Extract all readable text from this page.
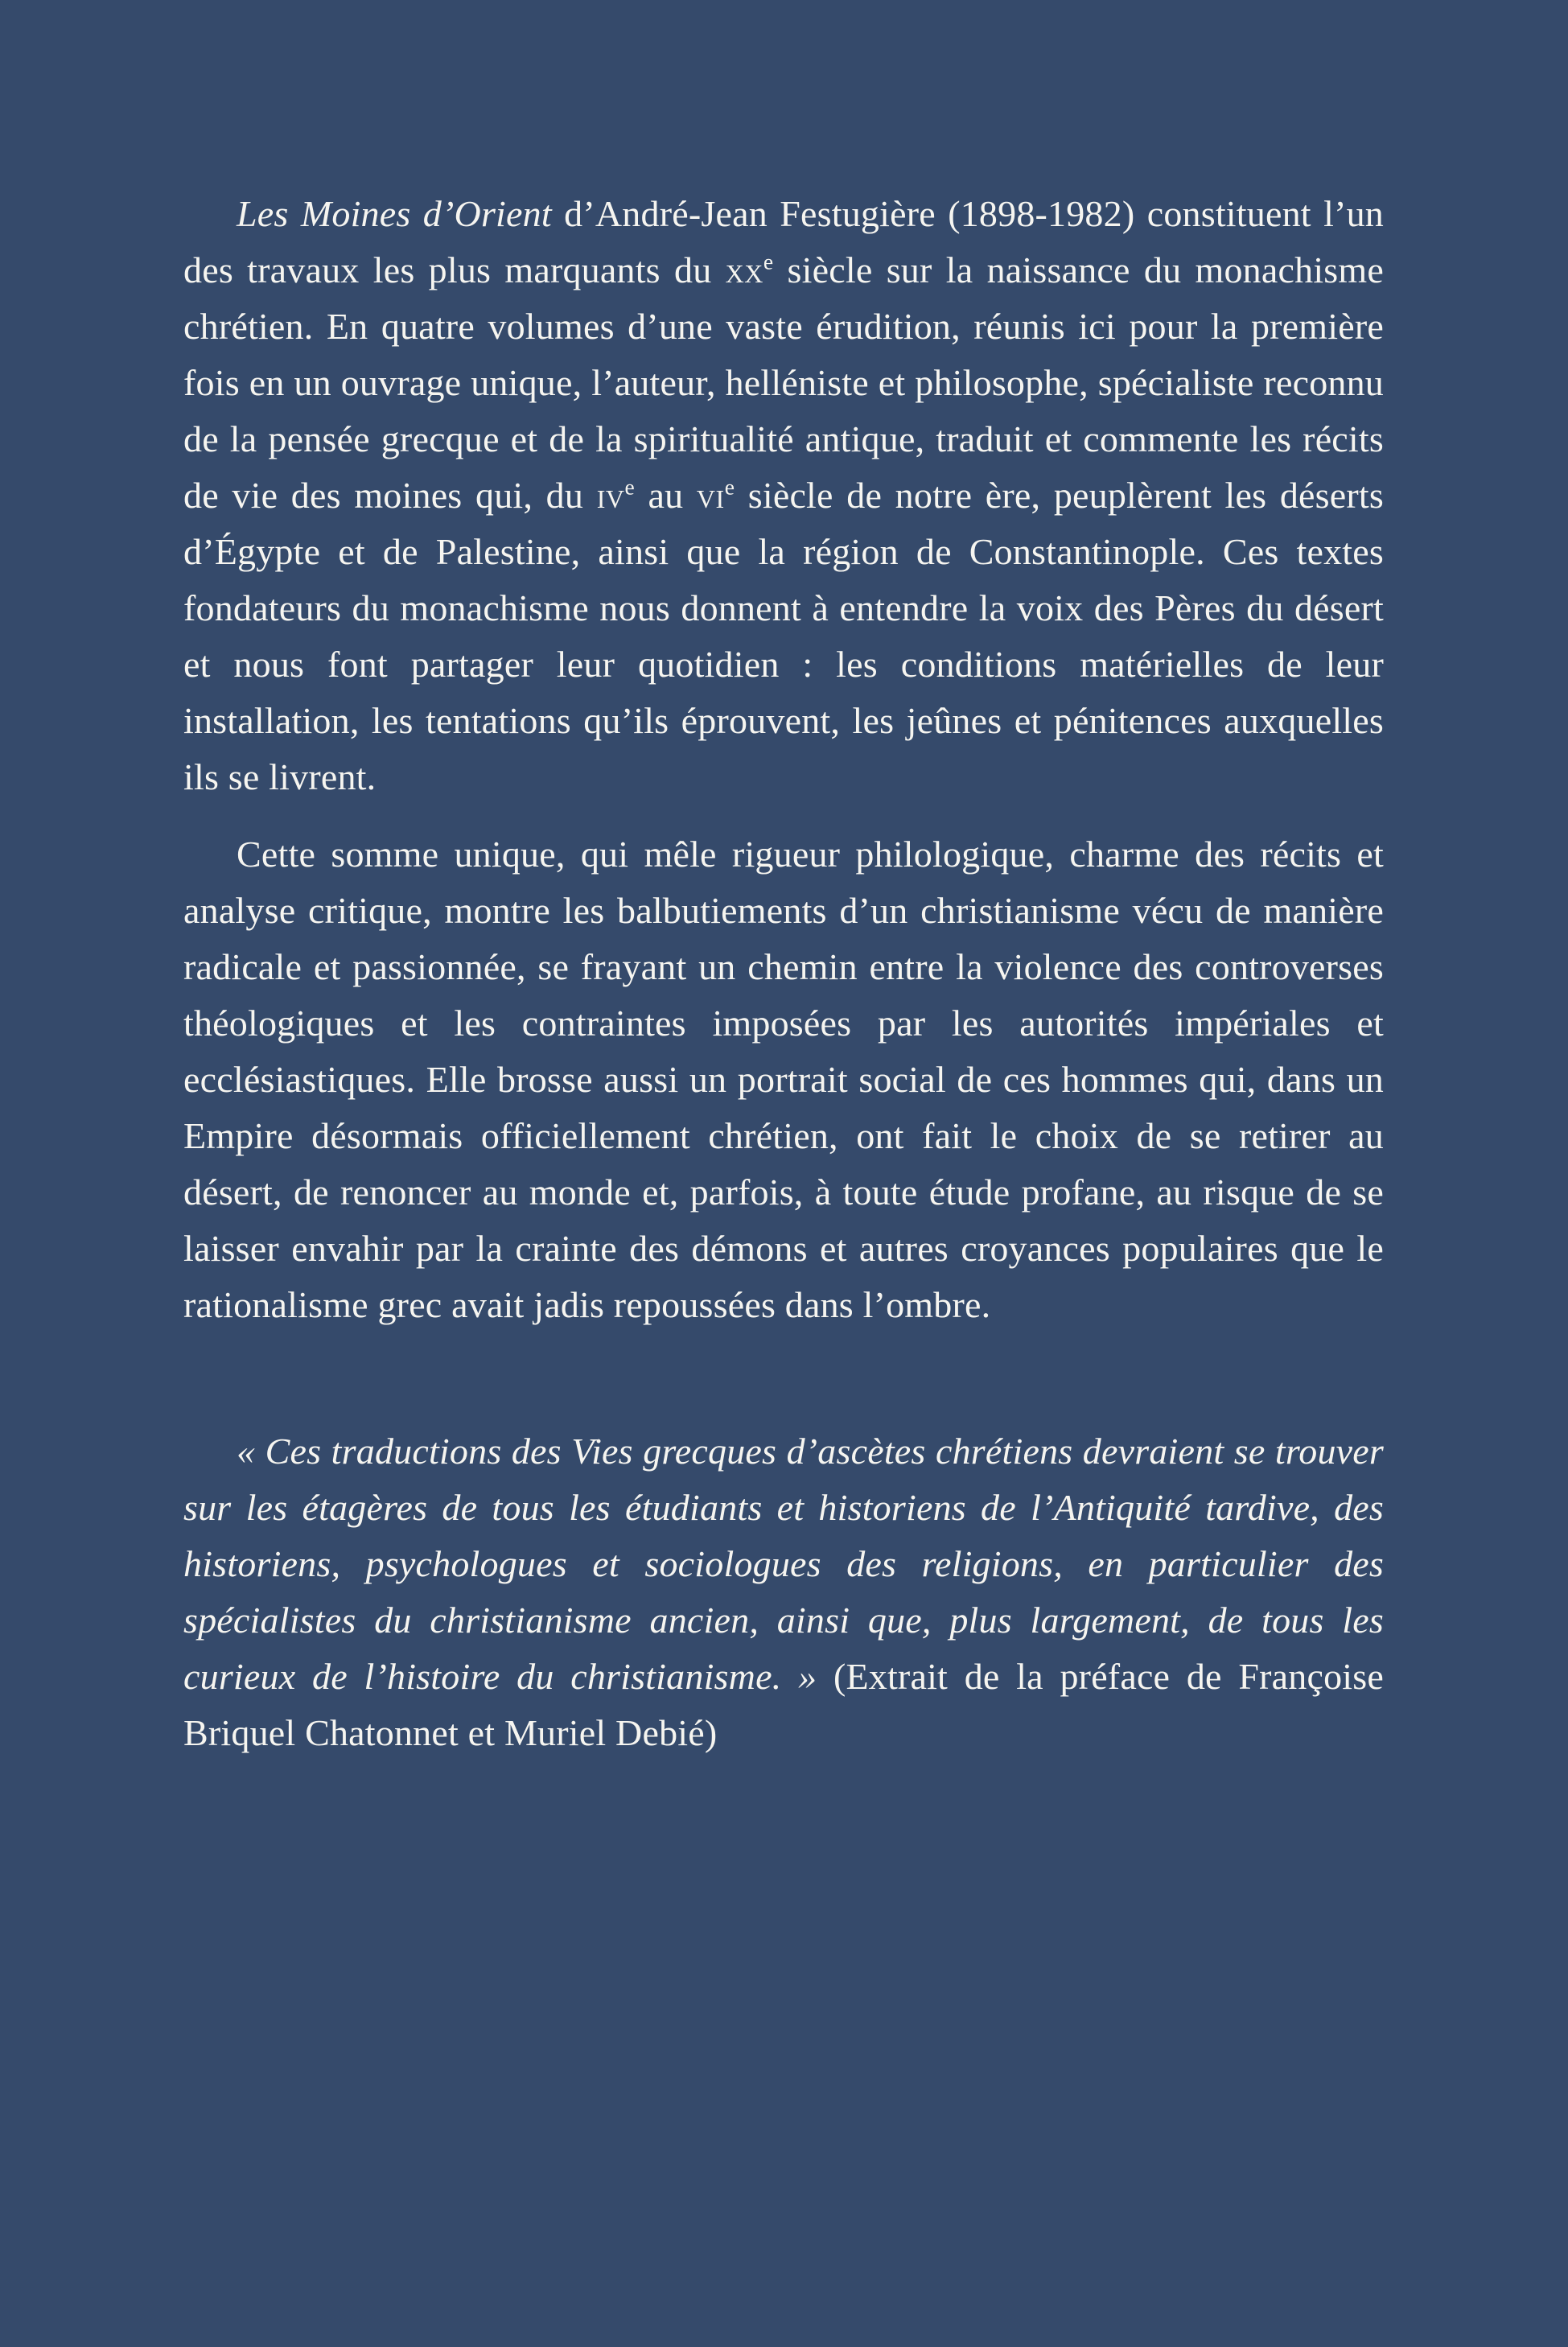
Les Moines d’Orient d’André-Jean Festugière (1898-1982) constituent l’un des travaux les plus marquants du $xx^e$ siècle sur la naissance du monachisme chrétien. En quatre volumes d’une vaste érudition, réunis ici pour la première fois en un ouvrage unique, l’auteur, helléniste et philosophe, spécialiste reconnu de la pensée grecque et de la spiritualité antique, traduit et commente les récits de vie des moines qui, du $iv^e$ au $vi^e$ siècle de notre ère, peuplèrent les déserts d’Égypte et de Palestine, ainsi que la région de Constantinople. Ces textes fondateurs du monachisme nous donnent à entendre la voix des Pères du désert et nous font partager leur quotidien : les conditions matérielles de leur installation, les tentations qu’ils éprouvent, les jeûnes et pénitences auxquelles ils se livrent.

Cette somme unique, qui mêle rigueur philologique, charme des récits et analyse critique, montre les balbutiements d’un christianisme vécu de manière radicale et passionnée, se frayant un chemin entre la violence des controverses théologiques et les contraintes imposées par les autorités impériales et ecclésiastiques. Elle brosse aussi un portrait social de ces hommes qui, dans un Empire désormais officiellement chrétien, ont fait le choix de se retirer au désert, de renoncer au monde et, parfois, à toute étude profane, au risque de se laisser envahir par la crainte des démons et autres croyances populaires que le rationalisme grec avait jadis repoussées dans l’ombre.

« Ces traductions des Vies grecques d’ascètes chrétiens devraient se trouver sur les étagères de tous les étudiants et historiens de l’Antiquité tardive, des historiens, psychologues et sociologues des religions, en particulier des spécialistes du christianisme ancien, ainsi que, plus largement, de tous les curieux de l’histoire du christianisme. » (Extrait de la préface de Françoise Briquel Chatonnet et Muriel Debié)
